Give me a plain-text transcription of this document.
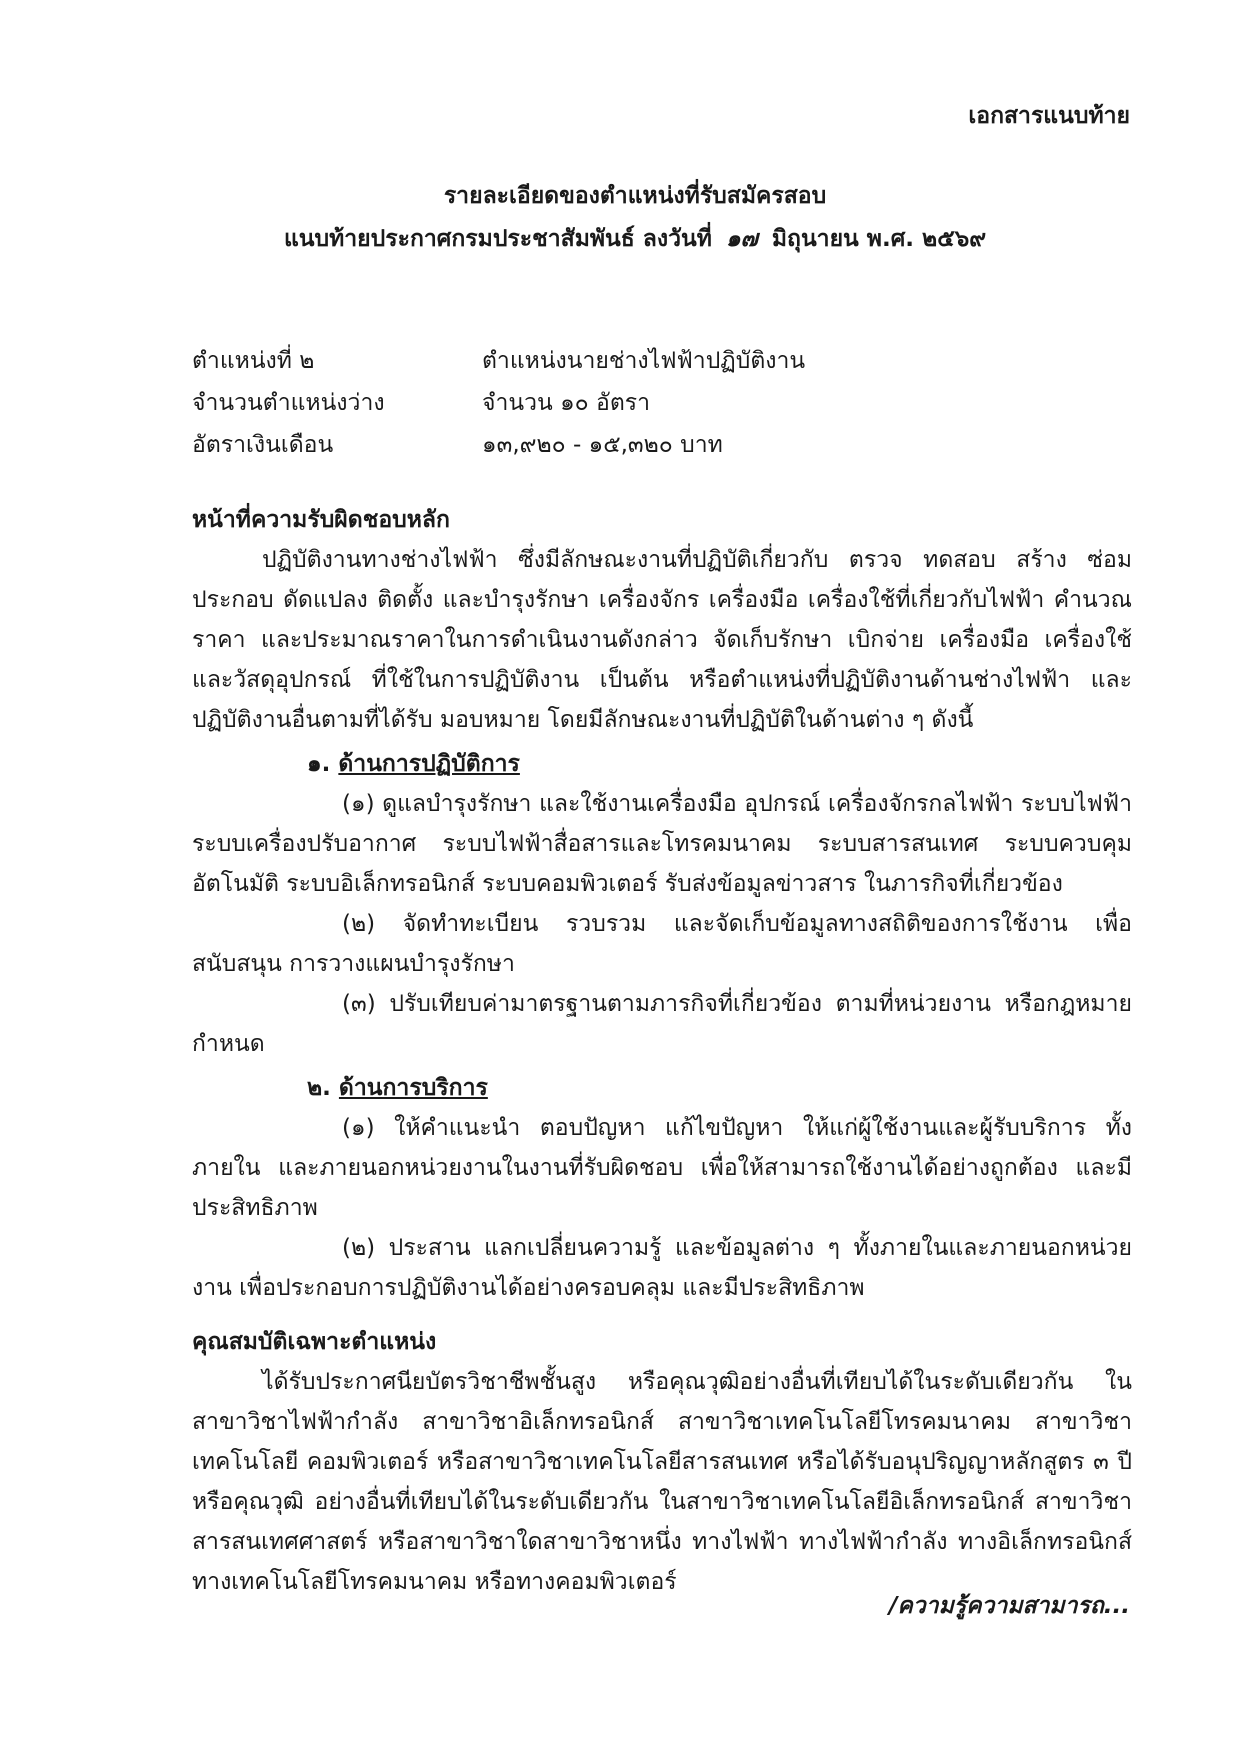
เอกสารแนบท้าย
รายละเอียดของตำแหน่งที่รับสมัครสอบ
แนบท้ายประกาศกรมประชาสัมพันธ์ ลงวันที่ ๑๗ มิถุนายน พ.ศ. ๒๕๖๙
ตำแหน่งที่ ๒	ตำแหน่งนายช่างไฟฟ้าปฏิบัติงาน
จำนวนตำแหน่งว่าง	จำนวน ๑๐ อัตรา
อัตราเงินเดือน	๑๓,๙๒๐ - ๑๕,๓๒๐ บาท
หน้าที่ความรับผิดชอบหลัก
ปฏิบัติงานทางช่างไฟฟ้า ซึ่งมีลักษณะงานที่ปฏิบัติเกี่ยวกับ ตรวจ ทดสอบ สร้าง ซ่อม ประกอบ ดัดแปลง ติดตั้ง และบำรุงรักษา เครื่องจักร เครื่องมือ เครื่องใช้ที่เกี่ยวกับไฟฟ้า คำนวณราคา และประมาณราคาในการดำเนินงานดังกล่าว จัดเก็บรักษา เบิกจ่าย เครื่องมือ เครื่องใช้ และวัสดุอุปกรณ์ ที่ใช้ในการปฏิบัติงาน เป็นต้น หรือตำแหน่งที่ปฏิบัติงานด้านช่างไฟฟ้า และปฏิบัติงานอื่นตามที่ได้รับ มอบหมาย โดยมีลักษณะงานที่ปฏิบัติในด้านต่าง ๆ ดังนี้
๑. ด้านการปฏิบัติการ
(๑) ดูแลบำรุงรักษา และใช้งานเครื่องมือ อุปกรณ์ เครื่องจักรกลไฟฟ้า ระบบไฟฟ้า ระบบเครื่องปรับอากาศ ระบบไฟฟ้าสื่อสารและโทรคมนาคม ระบบสารสนเทศ ระบบควบคุมอัตโนมัติ ระบบอิเล็กทรอนิกส์ ระบบคอมพิวเตอร์ รับส่งข้อมูลข่าวสาร ในภารกิจที่เกี่ยวข้อง
(๒) จัดทำทะเบียน รวบรวม และจัดเก็บข้อมูลทางสถิติของการใช้งาน เพื่อสนับสนุน การวางแผนบำรุงรักษา
(๓) ปรับเทียบค่ามาตรฐานตามภารกิจที่เกี่ยวข้อง ตามที่หน่วยงาน หรือกฎหมายกำหนด
๒. ด้านการบริการ
(๑) ให้คำแนะนำ ตอบปัญหา แก้ไขปัญหา ให้แก่ผู้ใช้งานและผู้รับบริการ ทั้งภายใน และภายนอกหน่วยงานในงานที่รับผิดชอบ เพื่อให้สามารถใช้งานได้อย่างถูกต้อง และมีประสิทธิภาพ
(๒) ประสาน แลกเปลี่ยนความรู้ และข้อมูลต่าง ๆ ทั้งภายในและภายนอกหน่วยงาน เพื่อประกอบการปฏิบัติงานได้อย่างครอบคลุม และมีประสิทธิภาพ
คุณสมบัติเฉพาะตำแหน่ง
ได้รับประกาศนียบัตรวิชาชีพชั้นสูง หรือคุณวุฒิอย่างอื่นที่เทียบได้ในระดับเดียวกัน ในสาขาวิชาไฟฟ้ากำลัง สาขาวิชาอิเล็กทรอนิกส์ สาขาวิชาเทคโนโลยีโทรคมนาคม สาขาวิชาเทคโนโลยี คอมพิวเตอร์ หรือสาขาวิชาเทคโนโลยีสารสนเทศ หรือได้รับอนุปริญญาหลักสูตร ๓ ปี หรือคุณวุฒิ อย่างอื่นที่เทียบได้ในระดับเดียวกัน ในสาขาวิชาเทคโนโลยีอิเล็กทรอนิกส์ สาขาวิชาสารสนเทศศาสตร์ หรือสาขาวิชาใดสาขาวิชาหนึ่ง ทางไฟฟ้า ทางไฟฟ้ากำลัง ทางอิเล็กทรอนิกส์ ทางเทคโนโลยีโทรคมนาคม หรือทางคอมพิวเตอร์
/ความรู้ความสามารถ...
